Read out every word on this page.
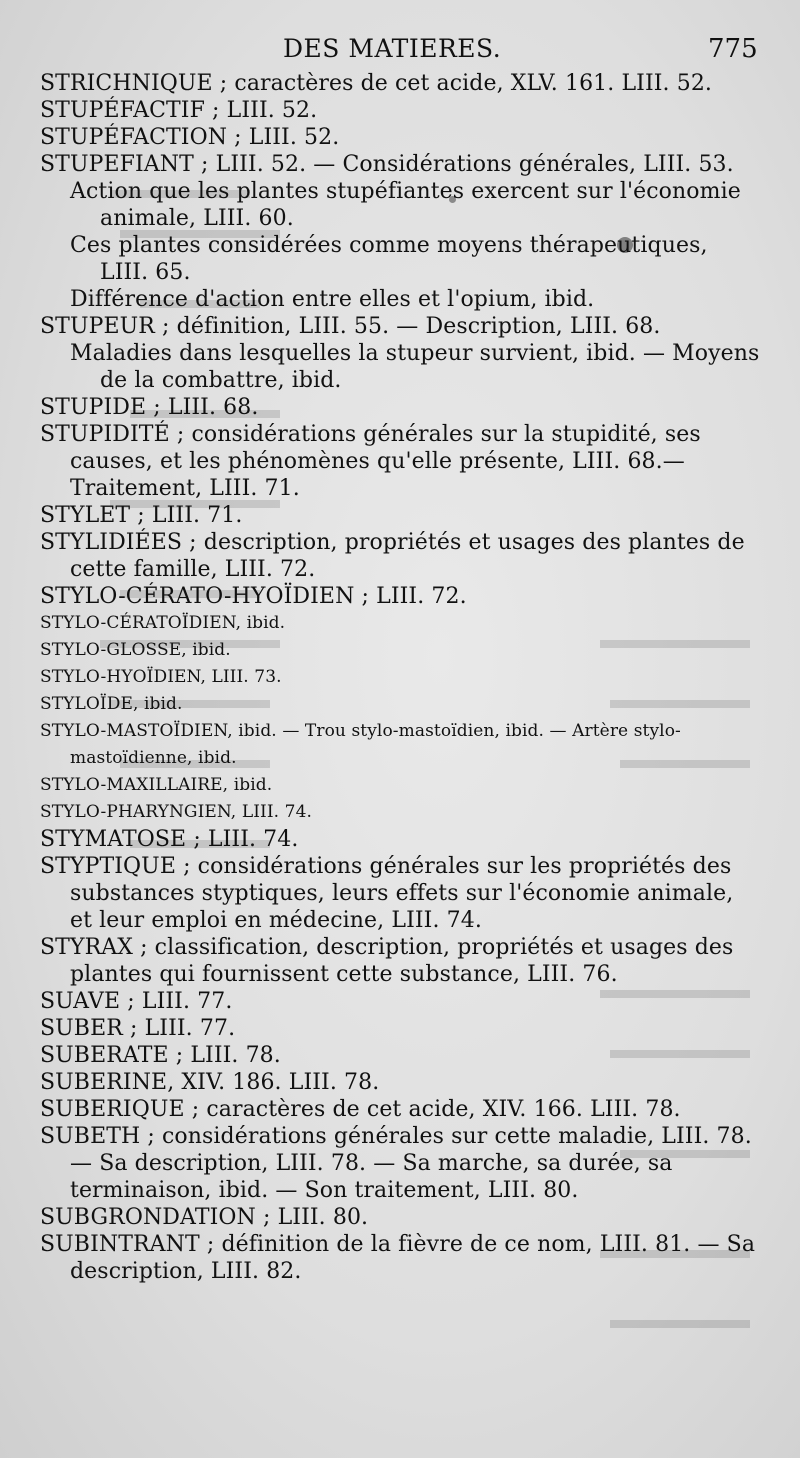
DES MATIERES.	775

STRICHNIQUE ; caractères de cet acide, XLV. 161. LIII. 52.

STUPÉFACTIF ; LIII. 52.

STUPÉFACTION ; LIII. 52.

STUPEFIANT ; LIII. 52. — Considérations générales, LIII. 53.

Action que les plantes stupéfiantes exercent sur l'économie animale, LIII. 60.

Ces plantes considérées comme moyens thérapeutiques, LIII. 65.

Différence d'action entre elles et l'opium, ibid.

STUPEUR ; définition, LIII. 55. — Description, LIII. 68.

Maladies dans lesquelles la stupeur survient, ibid. — Moyens de la combattre, ibid.

STUPIDE ; LIII. 68.

STUPIDITÉ ; considérations générales sur la stupidité, ses causes, et les phénomènes qu'elle présente, LIII. 68.—Traitement, LIII. 71.

STYLET ; LIII. 71.

STYLIDIÉES ; description, propriétés et usages des plantes de cette famille, LIII. 72.

STYLO-CÉRATO-HYOÏDIEN ; LIII. 72.

STYLO-CÉRATOÏDIEN, ibid.

STYLO-GLOSSE, ibid.

STYLO-HYOÏDIEN, LIII. 73.

STYLOÏDE, ibid.

STYLO-MASTOÏDIEN, ibid. — Trou stylo-mastoïdien, ibid. — Artère stylo-mastoïdienne, ibid.

STYLO-MAXILLAIRE, ibid.

STYLO-PHARYNGIEN, LIII. 74.

STYMATOSE ; LIII. 74.

STYPTIQUE ; considérations générales sur les propriétés des substances styptiques, leurs effets sur l'économie animale, et leur emploi en médecine, LIII. 74.

STYRAX ; classification, description, propriétés et usages des plantes qui fournissent cette substance, LIII. 76.

SUAVE ; LIII. 77.

SUBER ; LIII. 77.

SUBERATE ; LIII. 78.

SUBERINE, XIV. 186. LIII. 78.

SUBERIQUE ; caractères de cet acide, XIV. 166. LIII. 78.

SUBETH ; considérations générales sur cette maladie, LIII. 78. — Sa description, LIII. 78. — Sa marche, sa durée, sa terminaison, ibid. — Son traitement, LIII. 80.

SUBGRONDATION ; LIII. 80.

SUBINTRANT ; définition de la fièvre de ce nom, LIII. 81. — Sa description, LIII. 82.
